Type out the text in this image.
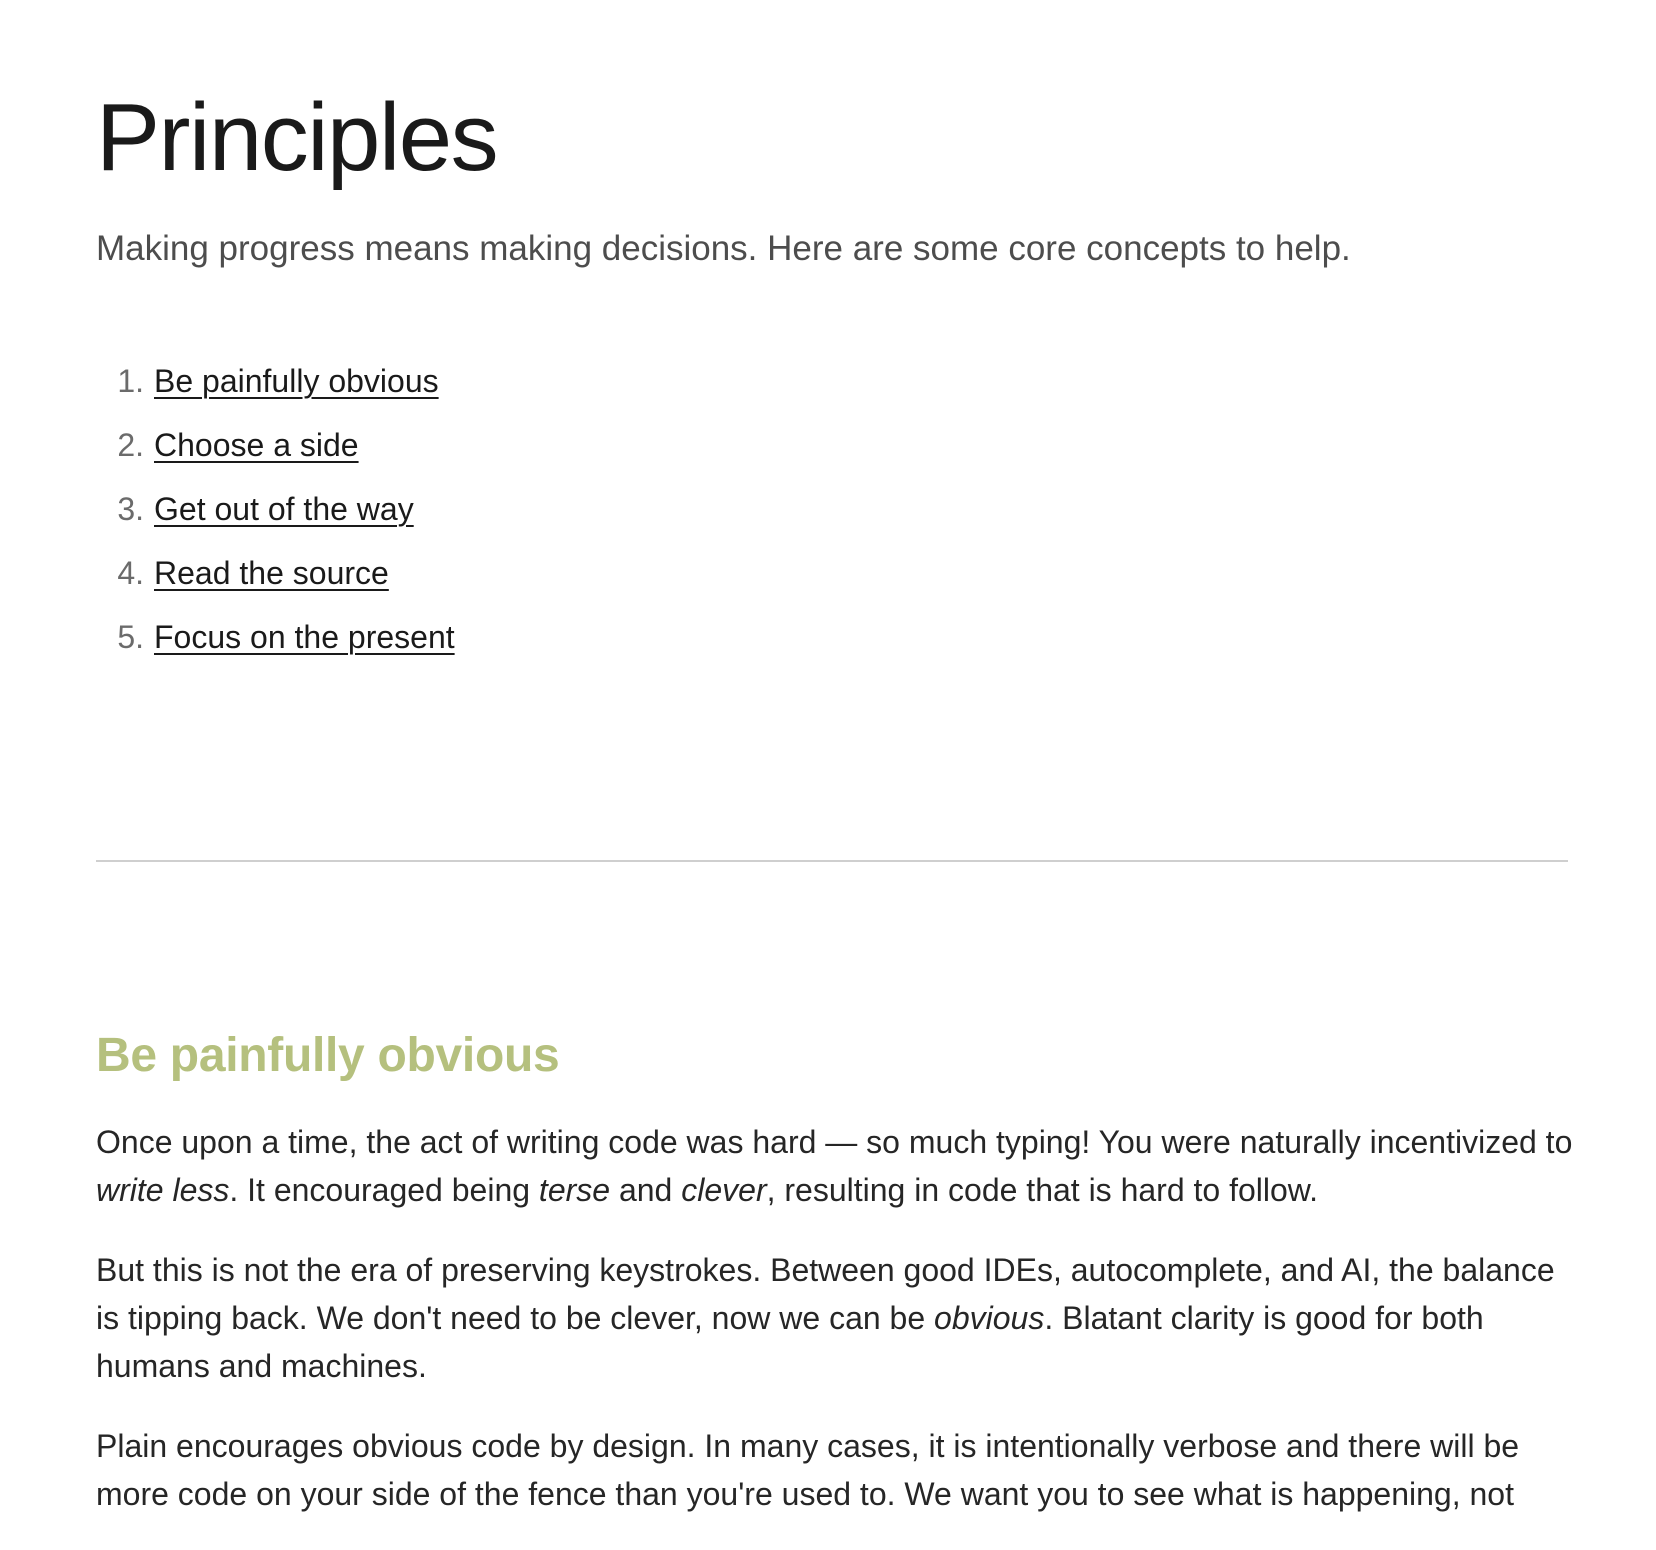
Principles

Making progress means making decisions. Here are some core concepts to help.

1. Be painfully obvious
2. Choose a side
3. Get out of the way
4. Read the source
5. Focus on the present
Be painfully obvious

Once upon a time, the act of writing code was hard — so much typing! You were naturally incentivized to write less. It encouraged being terse and clever, resulting in code that is hard to follow.

But this is not the era of preserving keystrokes. Between good IDEs, autocomplete, and AI, the balance is tipping back. We don't need to be clever, now we can be obvious. Blatant clarity is good for both humans and machines.

Plain encourages obvious code by design. In many cases, it is intentionally verbose and there will be more code on your side of the fence than you're used to. We want you to see what is happening, not
